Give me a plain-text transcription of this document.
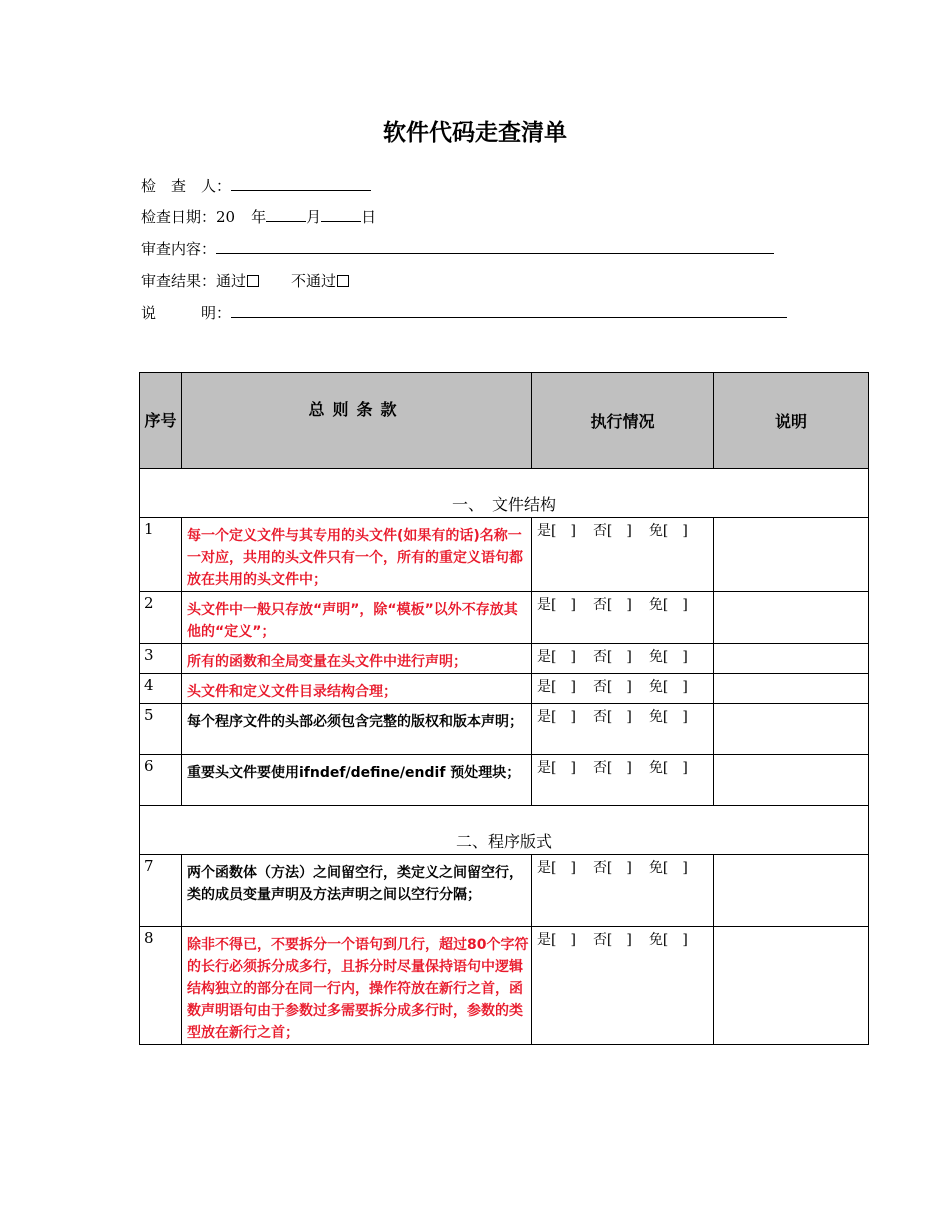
软件代码走查清单
检　查　人：
检查日期：20 年	月	日
审查内容：
审查结果：通过	不通过
说　　　明：
序号	总则条款	执行情况	说明
一、　文件结构			
1	每一个定义文件与其专用的头文件(如果有的话)名称一一对应，共用的头文件只有一个，所有的重定义语句都放在共用的头文件中；	是[　] 否[　] 免[　]	
2	头文件中一般只存放“声明”，除“模板”以外不存放其他的“定义”；	是[　] 否[　] 免[　]	
3	所有的函数和全局变量在头文件中进行声明；	是[　] 否[　] 免[　]	
4	头文件和定义文件目录结构合理；	是[　] 否[　] 免[　]	
5	每个程序文件的头部必须包含完整的版权和版本声明；	是[　] 否[　] 免[　]	
6	重要头文件要使用ifndef/define/endif 预处理块；	是[　] 否[　] 免[　]	
二、程序版式			
7	两个函数体（方法）之间留空行，类定义之间留空行，类的成员变量声明及方法声明之间以空行分隔；	是[　] 否[　] 免[　]	
8	除非不得已，不要拆分一个语句到几行，超过80个字符的长行必须拆分成多行，且拆分时尽量保持语句中逻辑结构独立的部分在同一行内，操作符放在新行之首，函数声明语句由于参数过多需要拆分成多行时，参数的类型放在新行之首；	是[　] 否[　] 免[　]	
